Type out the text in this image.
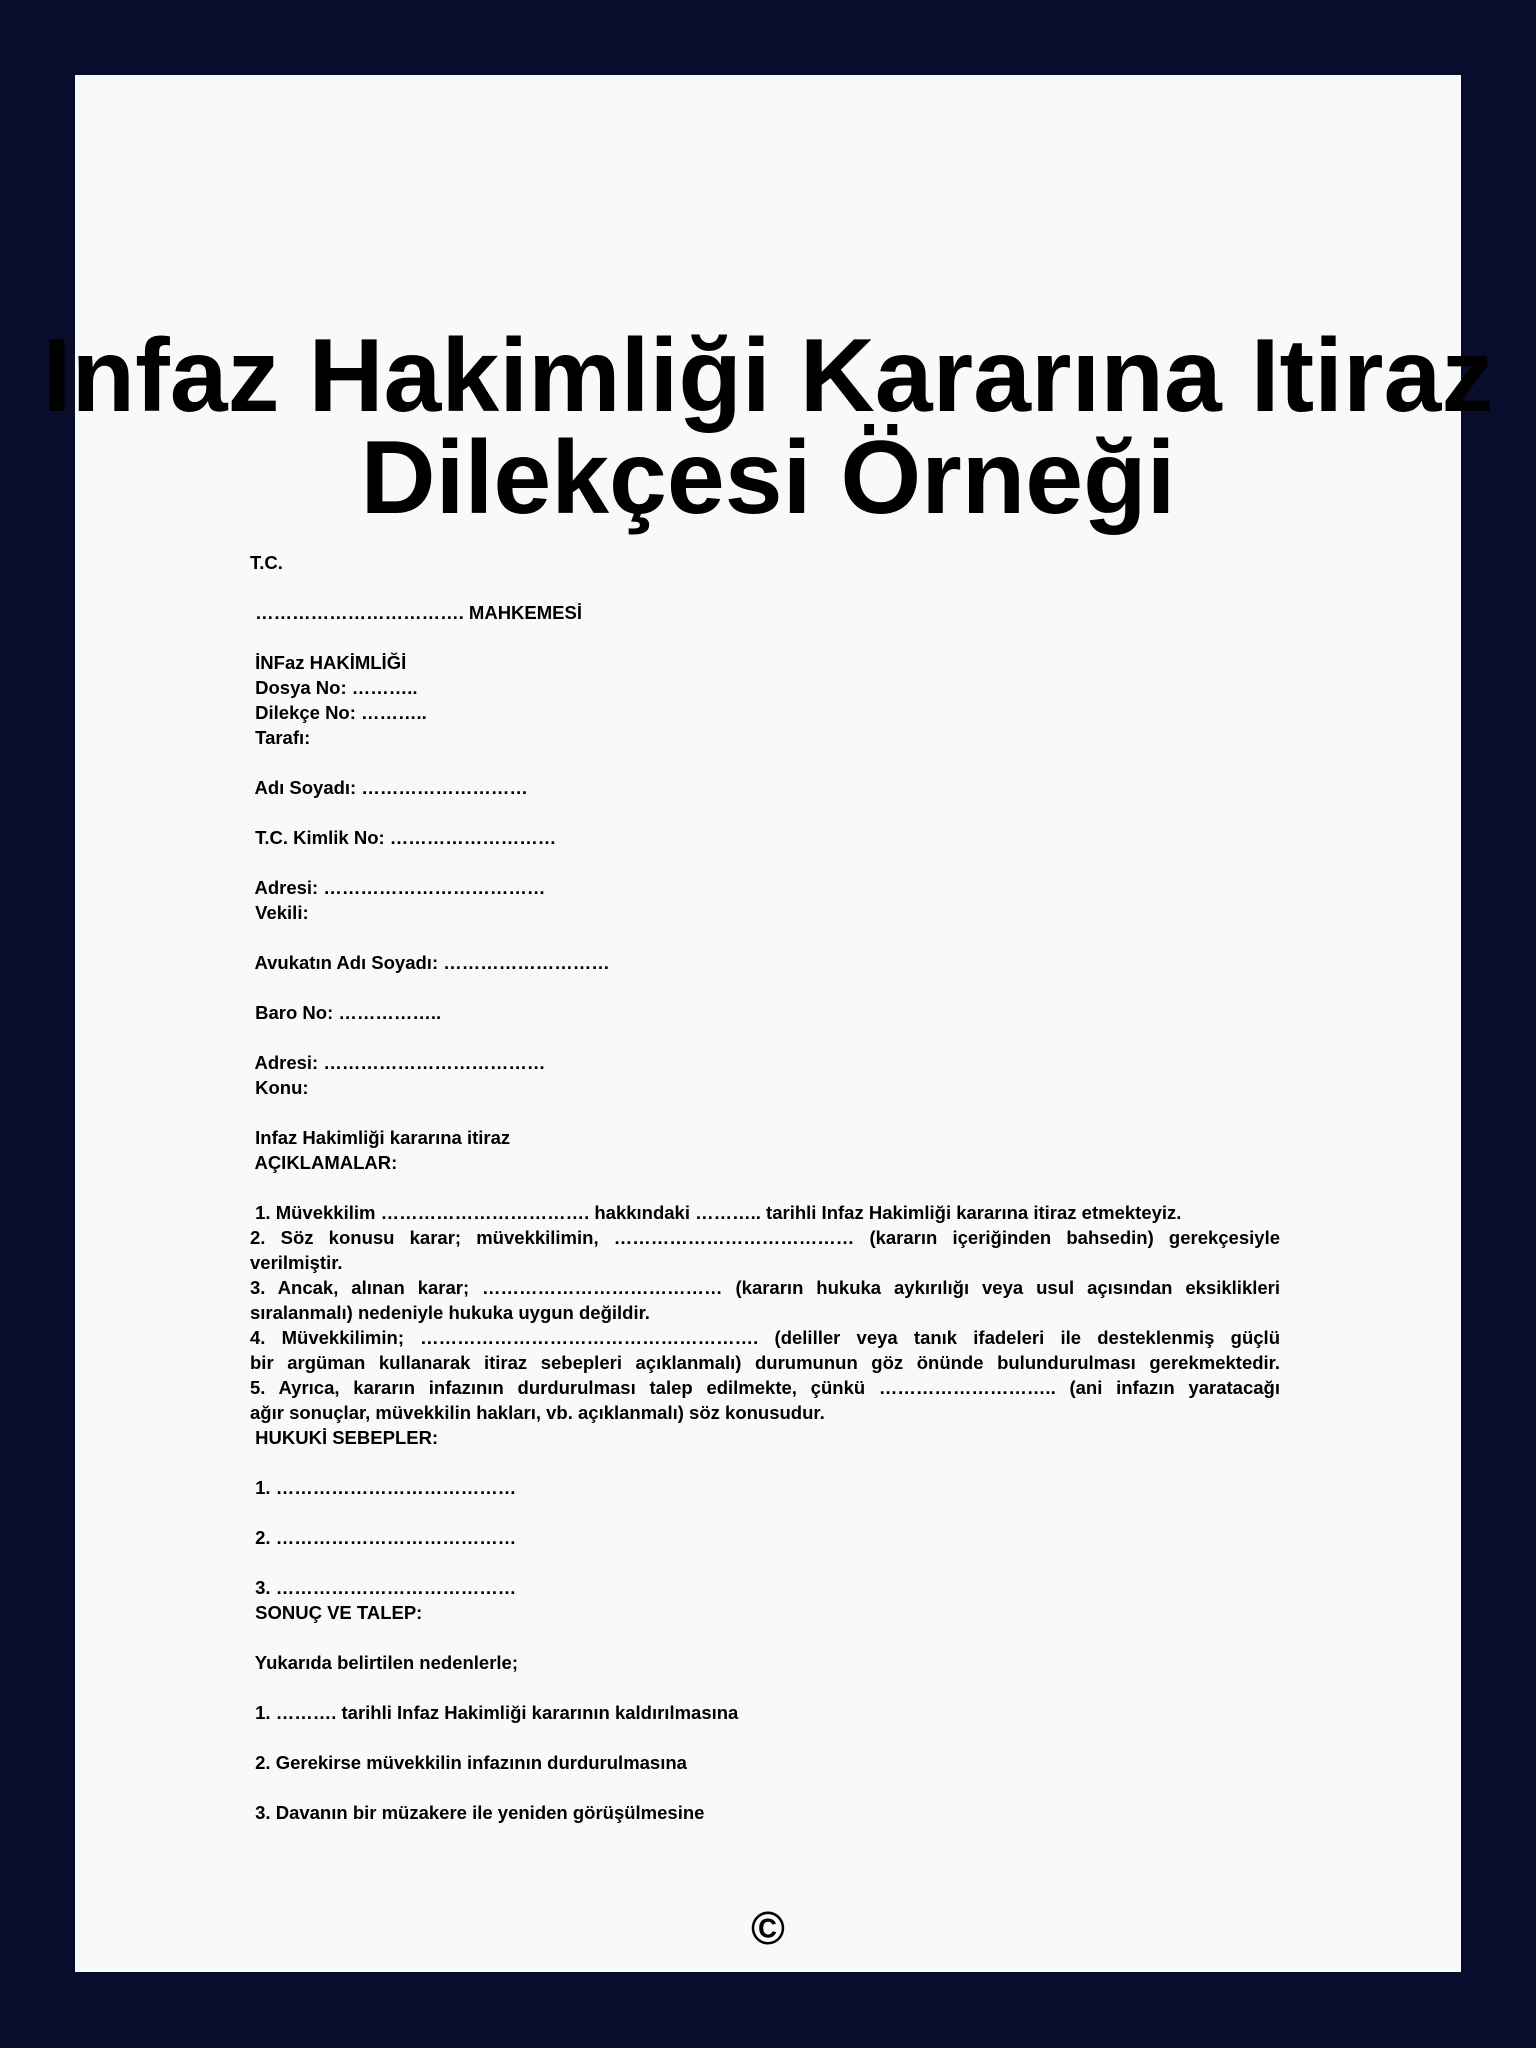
Infaz Hakimliği Kararına Itiraz
Dilekçesi Örneği
T.C.
……………………………. MAHKEMESİ
İNFaz HAKİMLİĞİ
Dosya No: ………..
Dilekçe No: ………..
Tarafı:
Adı Soyadı: ………………………
T.C. Kimlik No: ………………………
Adresi: ………………………………
Vekili:
Avukatın Adı Soyadı: ………………………
Baro No: ……………..
Adresi: ………………………………
Konu:
Infaz Hakimliği kararına itiraz
AÇIKLAMALAR:
1. Müvekkilim ……………………………. hakkındaki ……….. tarihli Infaz Hakimliği kararına itiraz etmekteyiz.
2. Söz konusu karar; müvekkilimin, ………………………………… (kararın içeriğinden bahsedin) gerekçesiyle
verilmiştir.
3. Ancak, alınan karar; ………………………………… (kararın hukuka aykırılığı veya usul açısından eksiklikleri
sıralanmalı) nedeniyle hukuka uygun değildir.
4. Müvekkilimin; ………………………………………………. (deliller veya tanık ifadeleri ile desteklenmiş güçlü
bir argüman kullanarak itiraz sebepleri açıklanmalı) durumunun göz önünde bulundurulması gerekmektedir.
5. Ayrıca, kararın infazının durdurulması talep edilmekte, çünkü ……………………….. (ani infazın yaratacağı
ağır sonuçlar, müvekkilin hakları, vb. açıklanmalı) söz konusudur.
HUKUKİ SEBEPLER:
1. …………………………………
2. …………………………………
3. …………………………………
SONUÇ VE TALEP:
Yukarıda belirtilen nedenlerle;
1. ………. tarihli Infaz Hakimliği kararının kaldırılmasına
2. Gerekirse müvekkilin infazının durdurulmasına
3. Davanın bir müzakere ile yeniden görüşülmesine
©
